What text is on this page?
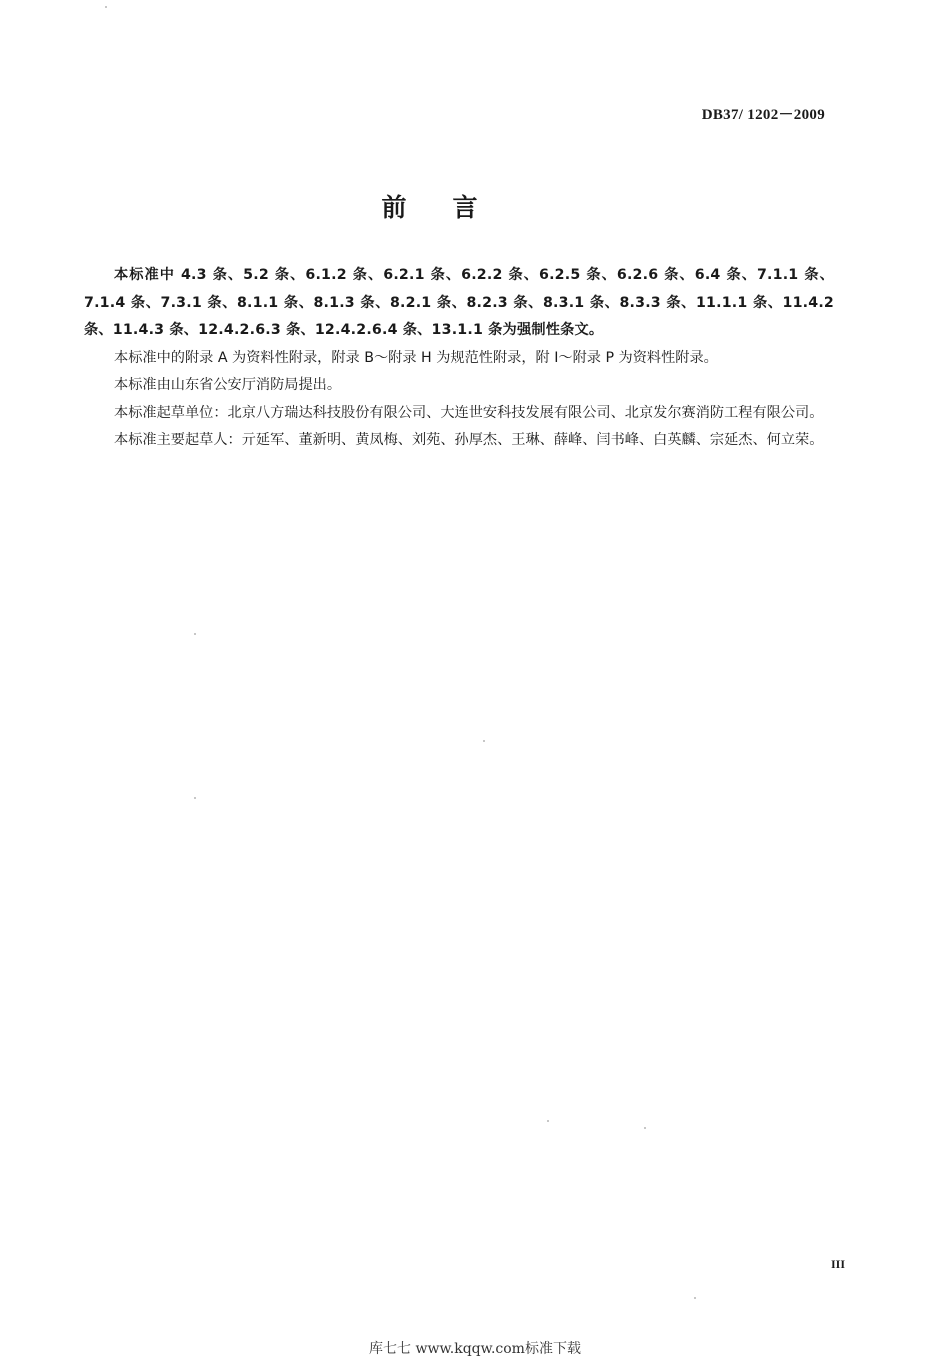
DB37/ 1202－2009
前言

本标准中 4.3 条、5.2 条、6.1.2 条、6.2.1 条、6.2.2 条、6.2.5 条、6.2.6 条、6.4 条、7.1.1 条、7.1.4 条、7.3.1 条、8.1.1 条、8.1.3 条、8.2.1 条、8.2.3 条、8.3.1 条、8.3.3 条、11.1.1 条、11.4.2 条、11.4.3 条、12.4.2.6.3 条、12.4.2.6.4 条、13.1.1 条为强制性条文。

本标准中的附录 A 为资料性附录，附录 B～附录 H 为规范性附录，附 I～附录 P 为资料性附录。

本标准由山东省公安厅消防局提出。

本标准起草单位：北京八方瑞达科技股份有限公司、大连世安科技发展有限公司、北京发尔赛消防工程有限公司。

本标准主要起草人：亓延军、董新明、黄凤梅、刘苑、孙厚杰、王琳、薛峰、闫书峰、白英麟、宗延杰、何立荣。

III
库七七 www.kqqw.com标准下载
